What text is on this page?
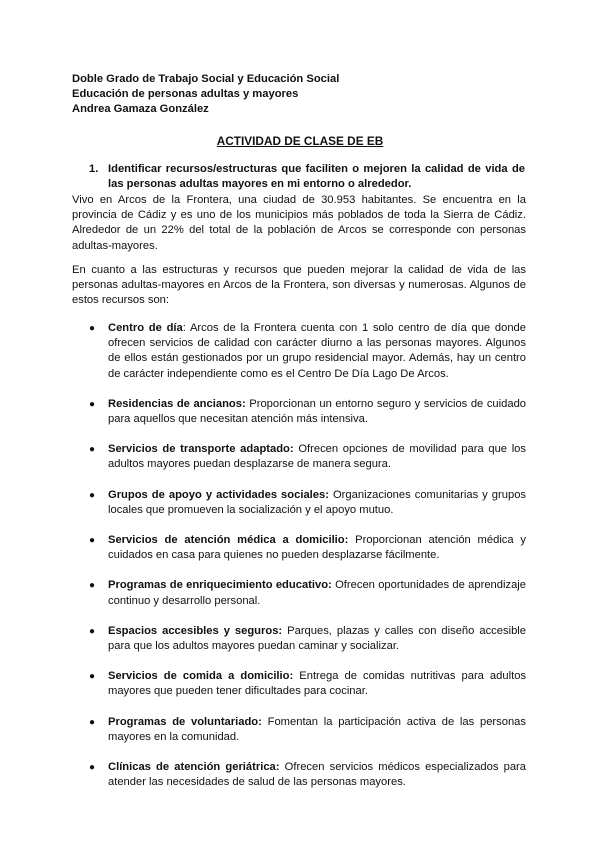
Doble Grado de Trabajo Social y Educación Social
Educación de personas adultas y mayores
Andrea Gamaza González
ACTIVIDAD DE CLASE DE EB
1. Identificar recursos/estructuras que faciliten o mejoren la calidad de vida de las personas adultas mayores en mi entorno o alrededor.
Vivo en Arcos de la Frontera, una ciudad de 30.953 habitantes. Se encuentra en la provincia de Cádiz y es uno de los municipios más poblados de toda la Sierra de Cádiz. Alrededor de un 22% del total de la población de Arcos se corresponde con personas adultas-mayores.
En cuanto a las estructuras y recursos que pueden mejorar la calidad de vida de las personas adultas-mayores en Arcos de la Frontera, son diversas y numerosas. Algunos de estos recursos son:
● Centro de día: Arcos de la Frontera cuenta con 1 solo centro de día que donde ofrecen servicios de calidad con carácter diurno a las personas mayores. Algunos de ellos están gestionados por un grupo residencial mayor. Además, hay un centro de carácter independiente como es el Centro De Día Lago De Arcos.
● Residencias de ancianos: Proporcionan un entorno seguro y servicios de cuidado para aquellos que necesitan atención más intensiva.
● Servicios de transporte adaptado: Ofrecen opciones de movilidad para que los adultos mayores puedan desplazarse de manera segura.
● Grupos de apoyo y actividades sociales: Organizaciones comunitarias y grupos locales que promueven la socialización y el apoyo mutuo.
● Servicios de atención médica a domicilio: Proporcionan atención médica y cuidados en casa para quienes no pueden desplazarse fácilmente.
● Programas de enriquecimiento educativo: Ofrecen oportunidades de aprendizaje continuo y desarrollo personal.
● Espacios accesibles y seguros: Parques, plazas y calles con diseño accesible para que los adultos mayores puedan caminar y socializar.
● Servicios de comida a domicilio: Entrega de comidas nutritivas para adultos mayores que pueden tener dificultades para cocinar.
● Programas de voluntariado: Fomentan la participación activa de las personas mayores en la comunidad.
● Clínicas de atención geriátrica: Ofrecen servicios médicos especializados para atender las necesidades de salud de las personas mayores.
